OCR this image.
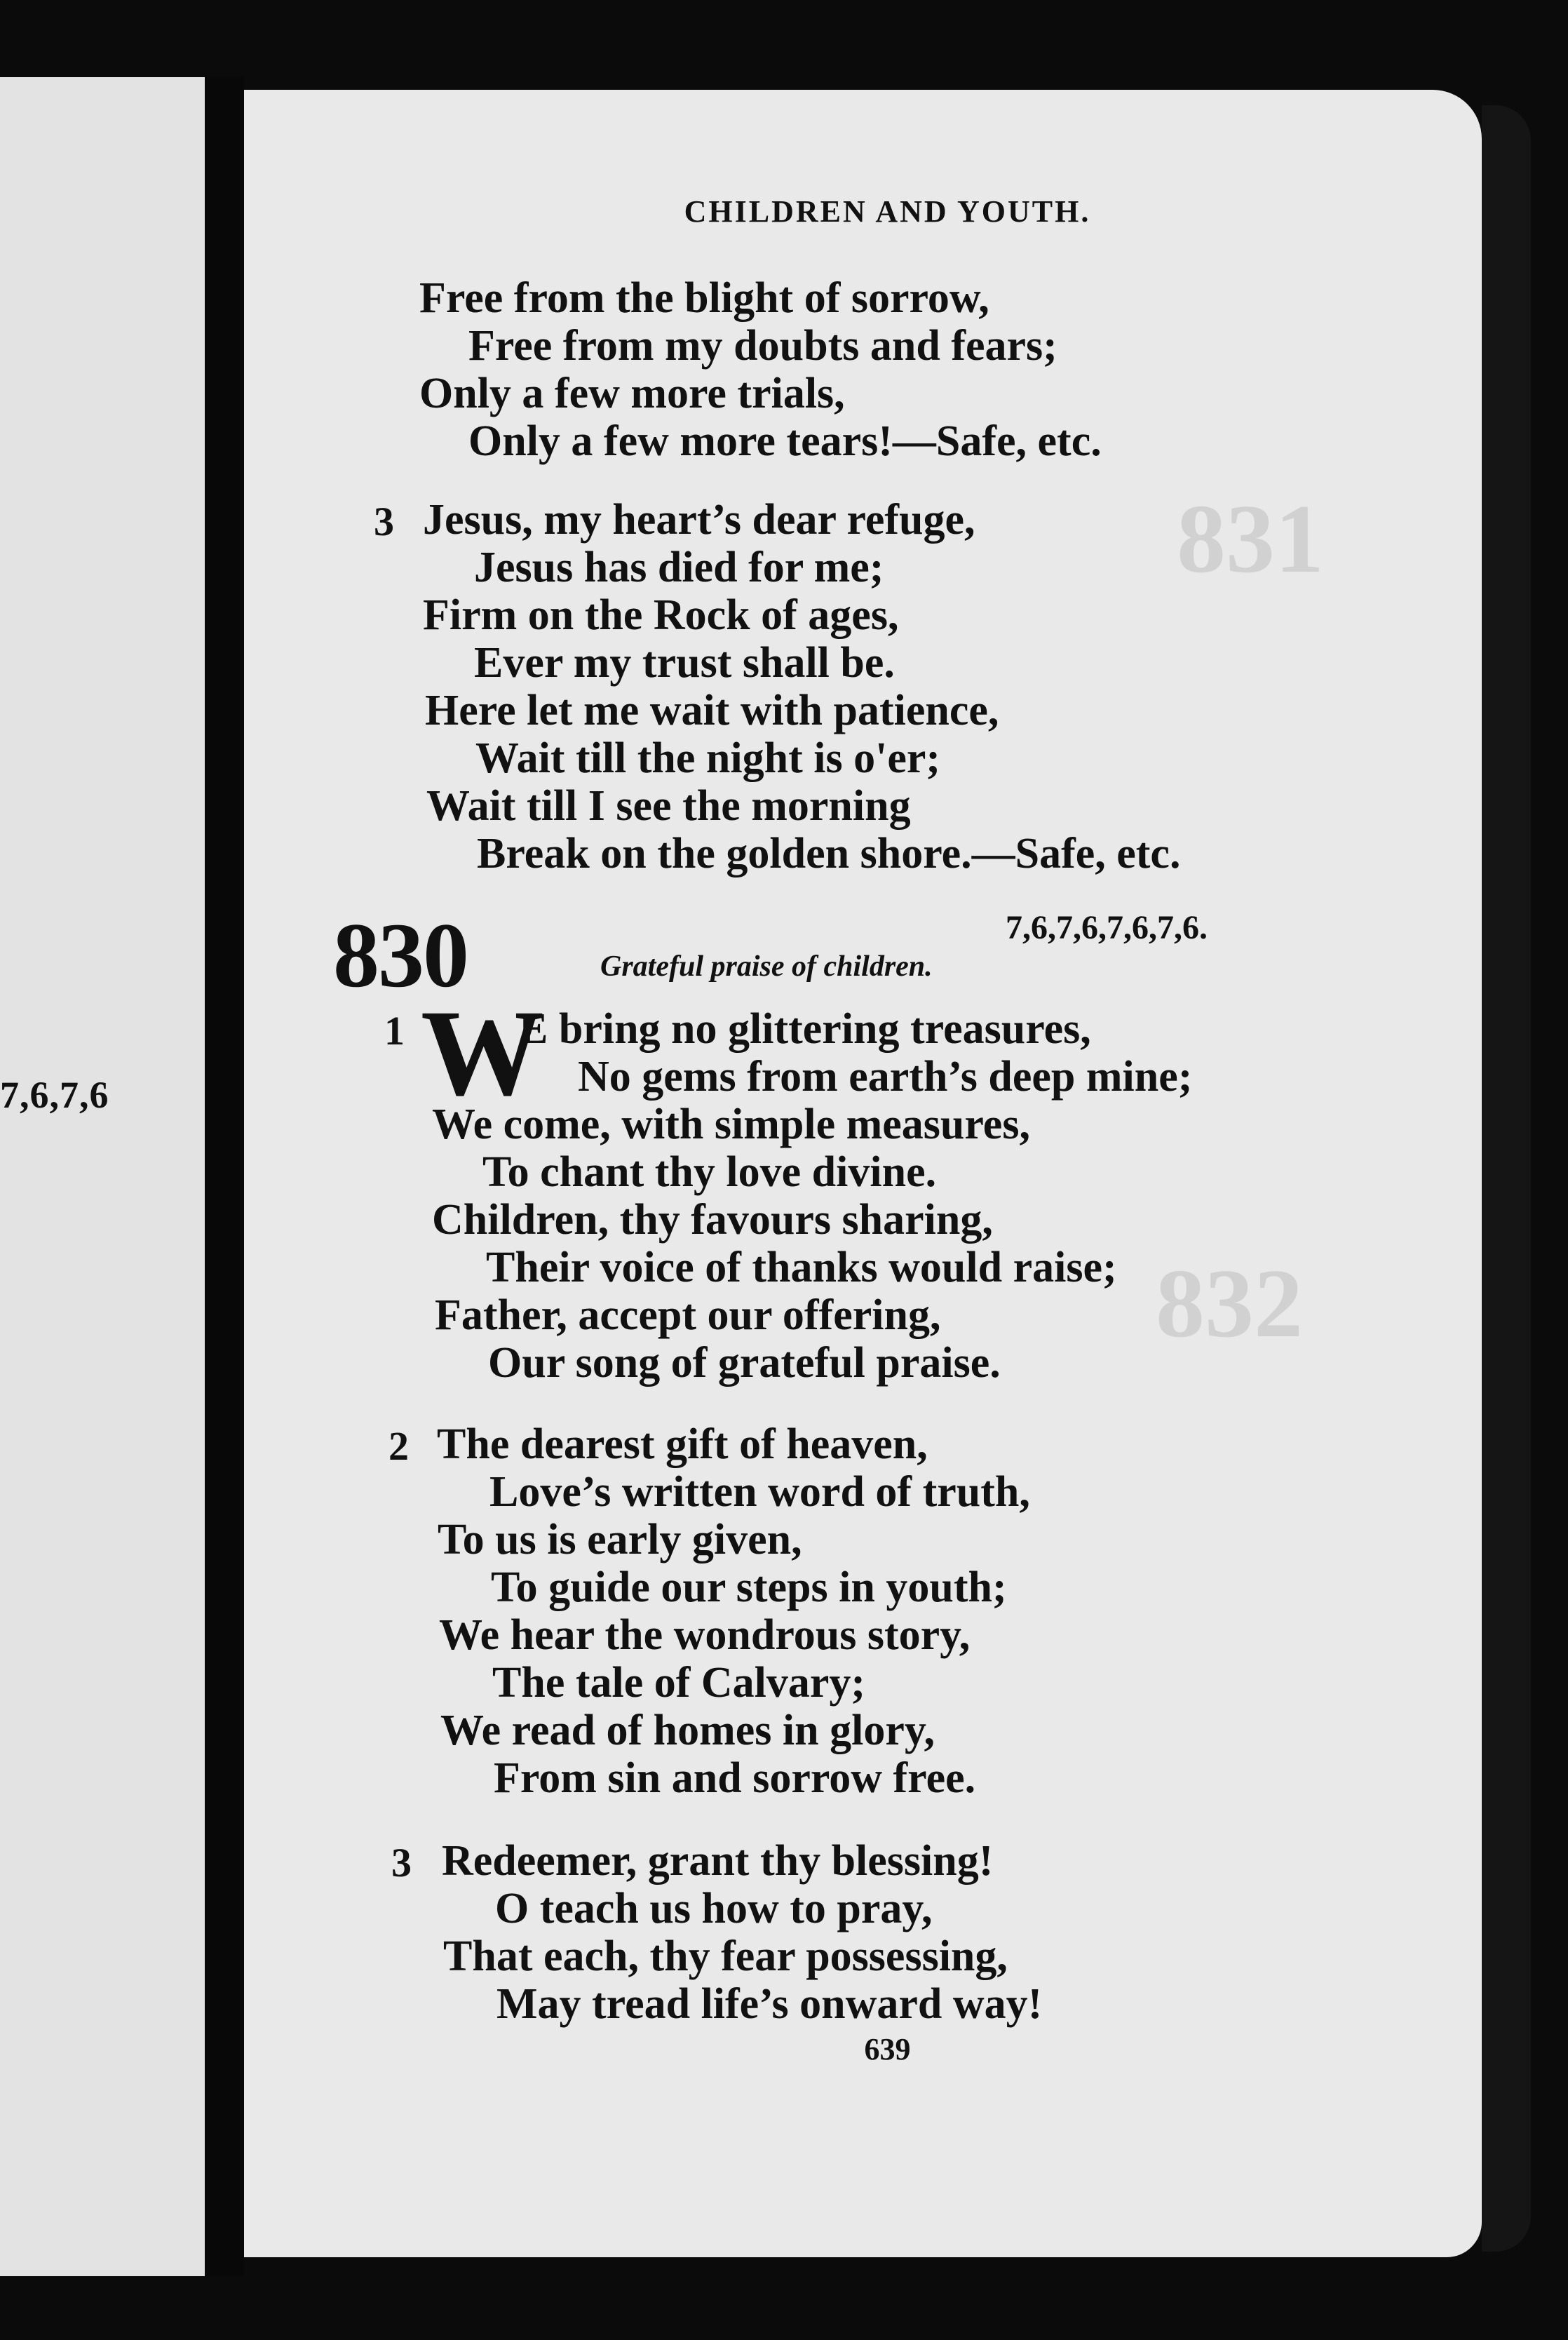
7,6,7,6
831
832
CHILDREN AND YOUTH.
Free from the blight of sorrow,
Free from my doubts and fears;
Only a few more trials,
Only a few more tears!—Safe, etc.
3 Jesus, my heart’s dear refuge,
Jesus has died for me;
Firm on the Rock of ages,
Ever my trust shall be.
Here let me wait with patience,
Wait till the night is o'er;
Wait till I see the morning
Break on the golden shore.—Safe, etc.
830	7,6,7,6,7,6,7,6.
Grateful praise of children.
1 W
E bring no glittering treasures,
No gems from earth’s deep mine;
We come, with simple measures,
To chant thy love divine.
Children, thy favours sharing,
Their voice of thanks would raise;
Father, accept our offering,
Our song of grateful praise.
2 The dearest gift of heaven,
Love’s written word of truth,
To us is early given,
To guide our steps in youth;
We hear the wondrous story,
The tale of Calvary;
We read of homes in glory,
From sin and sorrow free.
3 Redeemer, grant thy blessing!
O teach us how to pray,
That each, thy fear possessing,
May tread life’s onward way!
639
